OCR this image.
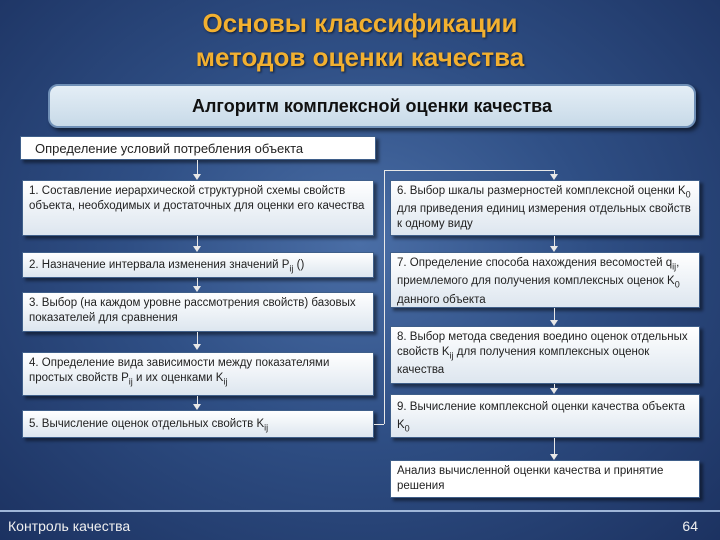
Основы классификации
методов оценки качества
Алгоритм комплексной оценки качества
Определение условий потребления объекта
1. Составление иерархической структурной схемы свойств объекта, необходимых и достаточных для оценки его качества
2. Назначение интервала изменения значений $P_{ij}$ ()
3. Выбор (на каждом уровне рассмотрения свойств) базовых показателей для сравнения
4. Определение вида зависимости между показателями простых свойств $P_{ij}$ и их оценками $K_{ij}$
5. Вычисление оценок отдельных свойств $K_{ij}$
6. Выбор шкалы размерностей комплексной оценки $K_0$ для приведения единиц измерения отдельных свойств к одному виду
7. Определение способа нахождения весомостей $q_{ij}$, приемлемого для получения комплексных оценок $K_0$ данного объекта
8. Выбор метода сведения воедино оценок отдельных свойств $K_{ij}$ для получения комплексных оценок качества
9. Вычисление комплексной оценки качества объекта $K_0$
Анализ вычисленной оценки качества и принятие решения
Контроль качества	64
